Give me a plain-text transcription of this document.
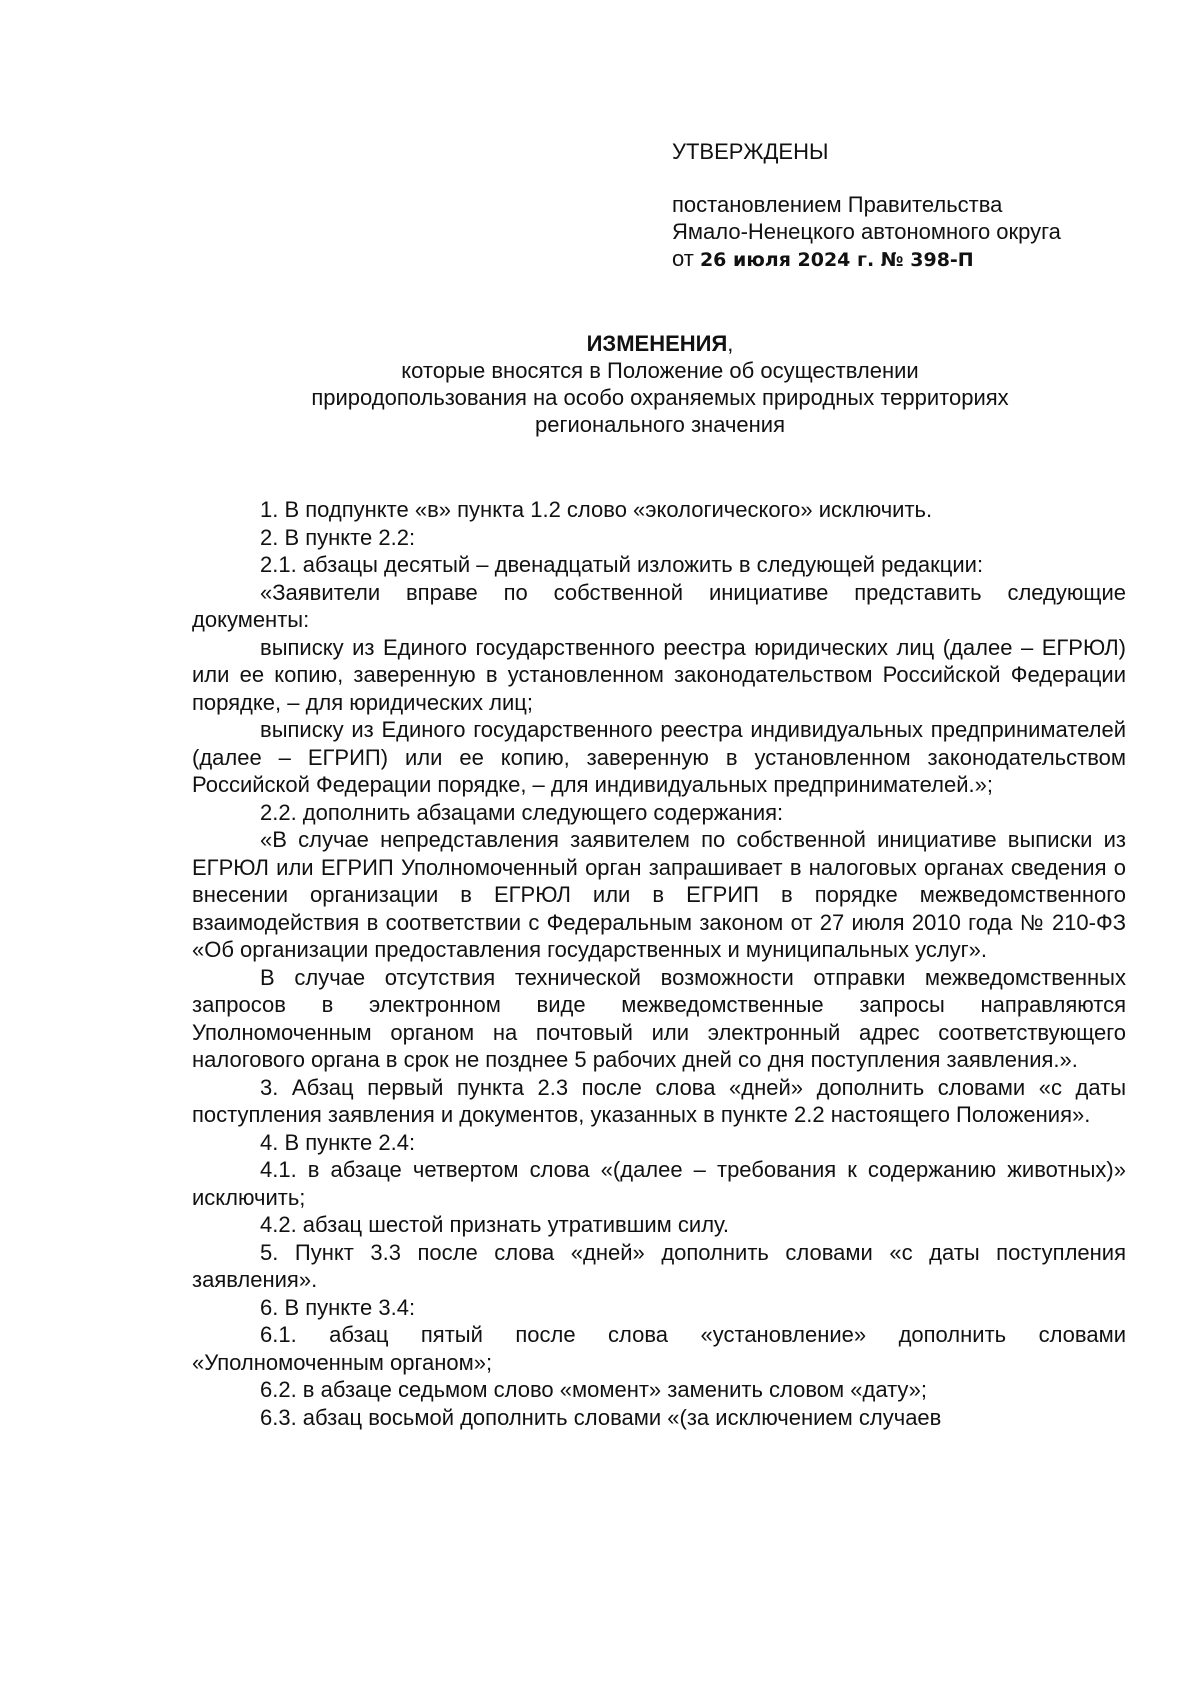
УТВЕРЖДЕНЫ

постановлением Правительства

Ямало-Ненецкого автономного округа

от 26 июля 2024 г. № 398-П

ИЗМЕНЕНИЯ,

которые вносятся в Положение об осуществлении

природопользования на особо охраняемых природных территориях

регионального значения

1. В подпункте «в» пункта 1.2 слово «экологического» исключить.

2. В пункте 2.2:

2.1. абзацы десятый – двенадцатый изложить в следующей редакции:

«Заявители вправе по собственной инициативе представить следующие документы:

выписку из Единого государственного реестра юридических лиц (далее – ЕГРЮЛ) или ее копию, заверенную в установленном законодательством Российской Федерации порядке, – для юридических лиц;

выписку из Единого государственного реестра индивидуальных предпринимателей (далее – ЕГРИП) или ее копию, заверенную в установленном законодательством Российской Федерации порядке, – для индивидуальных предпринимателей.»;

2.2. дополнить абзацами следующего содержания:

«В случае непредставления заявителем по собственной инициативе выписки из ЕГРЮЛ или ЕГРИП Уполномоченный орган запрашивает в налоговых органах сведения о внесении организации в ЕГРЮЛ или в ЕГРИП в порядке межведомственного взаимодействия в соответствии с Федеральным законом от 27 июля 2010 года № 210-ФЗ «Об организации предоставления государственных и муниципальных услуг».

В случае отсутствия технической возможности отправки межведомственных запросов в электронном виде межведомственные запросы направляются Уполномоченным органом на почтовый или электронный адрес соответствующего налогового органа в срок не позднее 5 рабочих дней со дня поступления заявления.».

3. Абзац первый пункта 2.3 после слова «дней» дополнить словами «с даты поступления заявления и документов, указанных в пункте 2.2 настоящего Положения».

4. В пункте 2.4:

4.1. в абзаце четвертом слова «(далее – требования к содержанию животных)» исключить;

4.2. абзац шестой признать утратившим силу.

5. Пункт 3.3 после слова «дней» дополнить словами «с даты поступления заявления».

6. В пункте 3.4:

6.1. абзац пятый после слова «установление» дополнить словами «Уполномоченным органом»;

6.2. в абзаце седьмом слово «момент» заменить словом «дату»;

6.3. абзац восьмой дополнить словами «(за исключением случаев
